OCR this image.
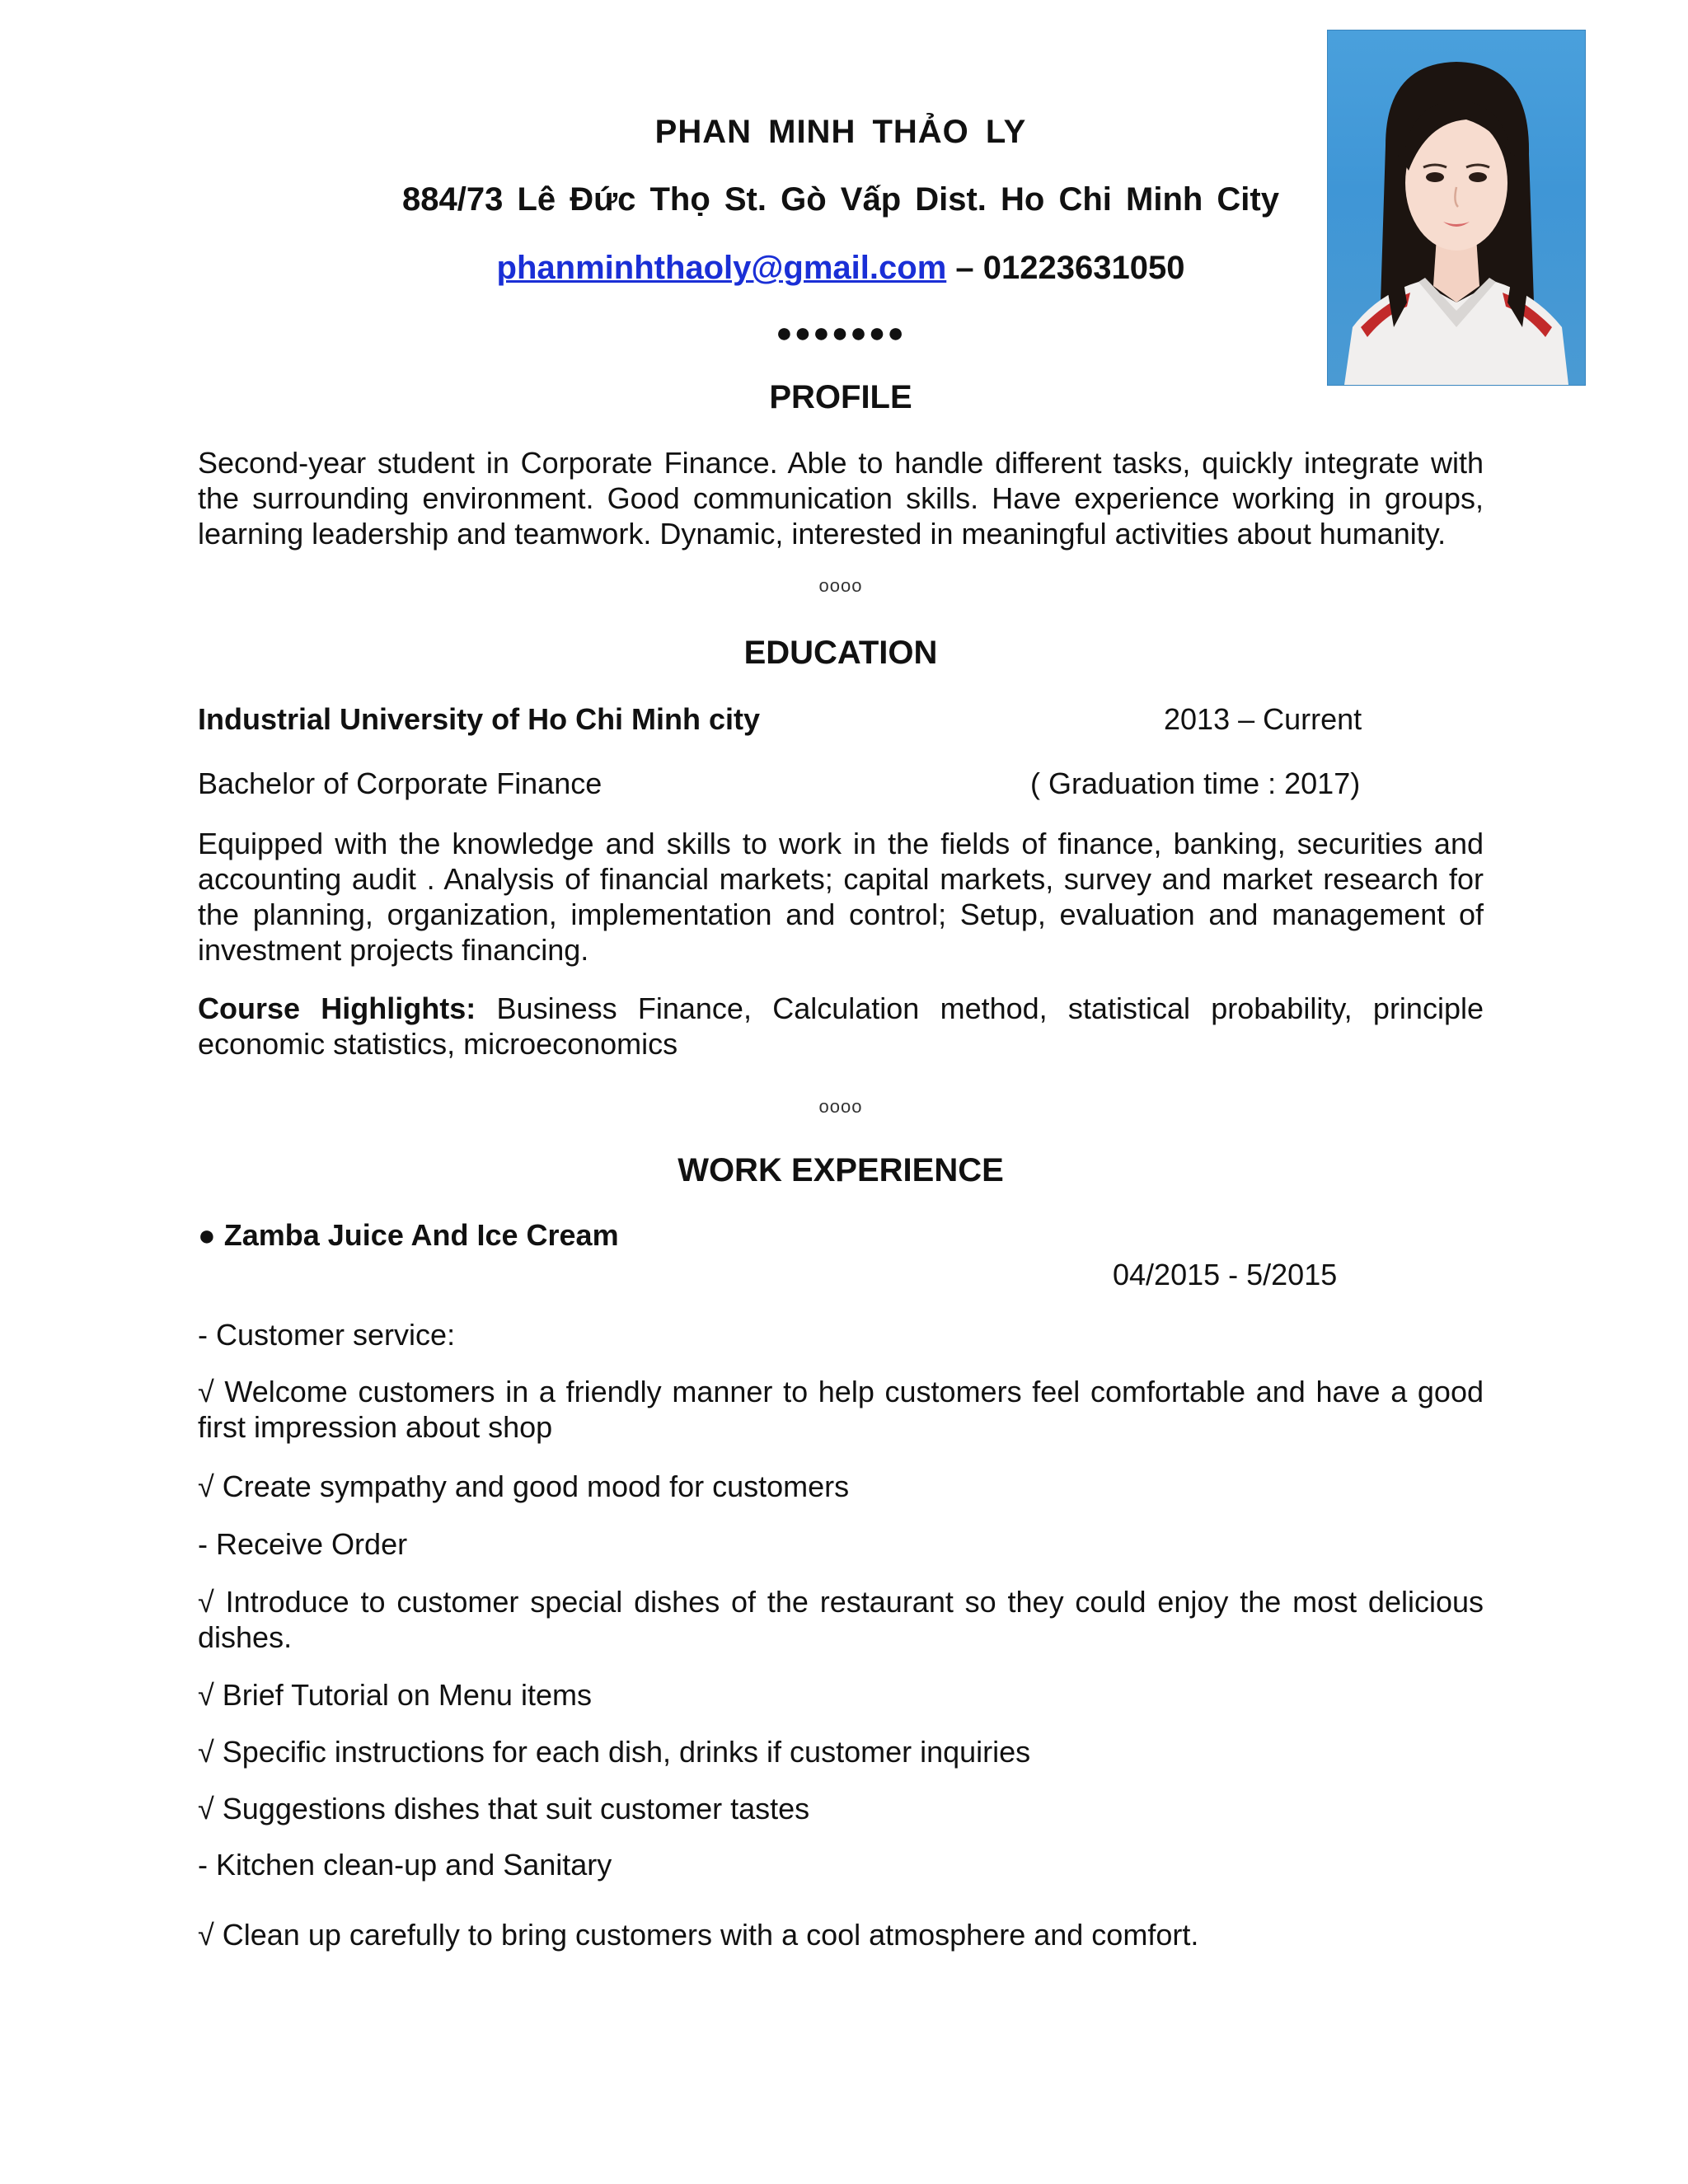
PHAN MINH THẢO LY
884/73 Lê Đức Thọ St. Gò Vấp Dist. Ho Chi Minh City
phanminhthaoly@gmail.com – 01223631050
●●●●●●●
PROFILE
Second-year student in Corporate Finance. Able to handle different tasks, quickly integrate with the surrounding environment. Good communication skills. Have experience working in groups, learning leadership and teamwork. Dynamic, interested in meaningful activities about humanity.
oooo
EDUCATION
Industrial University of Ho Chi Minh city	2013 – Current
Bachelor of Corporate Finance	( Graduation time : 2017)
Equipped with the knowledge and skills to work in the fields of finance, banking, securities and accounting audit . Analysis of financial markets; capital markets, survey and market research for the planning, organization, implementation and control; Setup, evaluation and management of investment projects financing.
Course Highlights: Business Finance, Calculation method, statistical probability, principle economic statistics, microeconomics
oooo
WORK EXPERIENCE
● Zamba Juice And Ice Cream
04/2015 - 5/2015
- Customer service:
√ Welcome customers in a friendly manner to help customers feel comfortable and have a good first impression about shop
√ Create sympathy and good mood for customers
- Receive Order
√ Introduce to customer special dishes of the restaurant so they could enjoy the most delicious dishes.
√ Brief Tutorial on Menu items
√ Specific instructions for each dish, drinks if customer inquiries
√ Suggestions dishes that suit customer tastes
- Kitchen clean-up and Sanitary
√ Clean up carefully to bring customers with a cool atmosphere and comfort.
